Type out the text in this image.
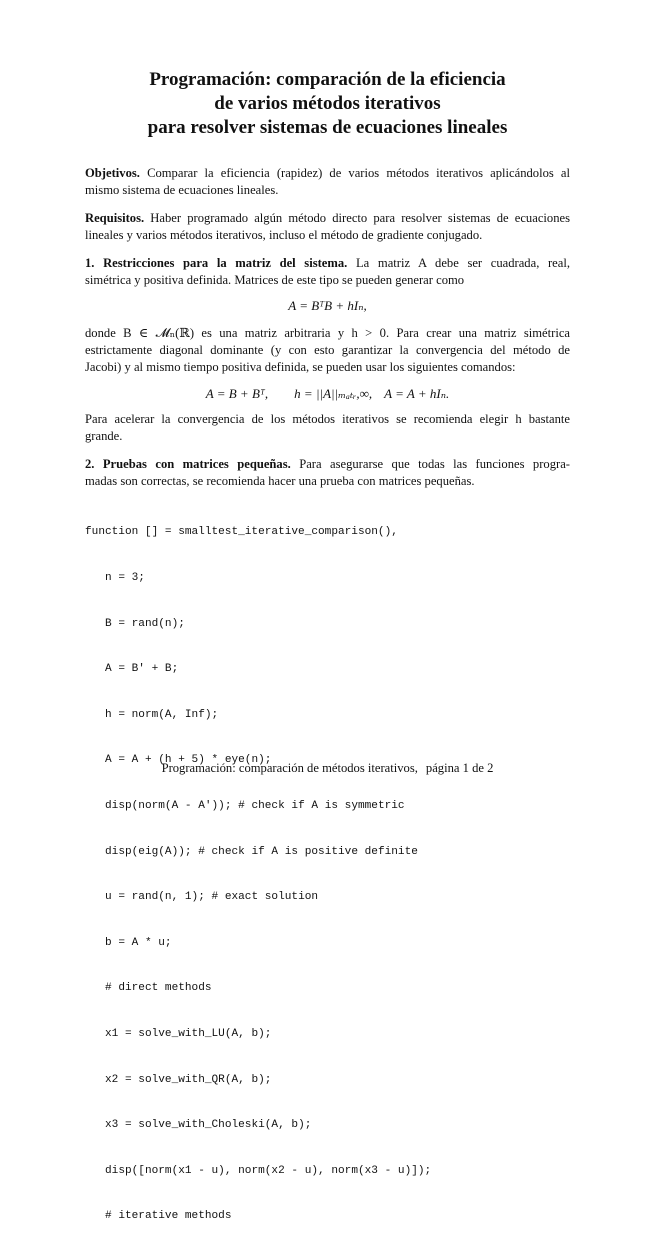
Programación: comparación de la eficiencia
de varios métodos iterativos
para resolver sistemas de ecuaciones lineales
Objetivos. Comparar la eficiencia (rapidez) de varios métodos iterativos aplicándolos al
mismo sistema de ecuaciones lineales.
Requisitos. Haber programado algún método directo para resolver sistemas de ecuaciones
lineales y varios métodos iterativos, incluso el método de gradiente conjugado.
1. Restricciones para la matriz del sistema. La matriz A debe ser cuadrada, real,
simétrica y positiva definida. Matrices de este tipo se pueden generar como
A = BᵀB + hIₙ,
donde B ∈ 𝓜ₙ(ℝ) es una matriz arbitraria y h > 0. Para crear una matriz simétrica
estrictamente diagonal dominante (y con esto garantizar la convergencia del método de
Jacobi) y al mismo tiempo positiva definida, se pueden usar los siguientes comandos:
A = B + Bᵀ, h = ||A||ₘₐₜᵣ,∞, A = A + hIₙ.
Para acelerar la convergencia de los métodos iterativos se recomienda elegir h bastante
grande.
2. Pruebas con matrices pequeñas. Para asegurarse que todas las funciones progra-
madas son correctas, se recomienda hacer una prueba con matrices pequeñas.

function [] = smalltest_iterative_comparison(),

n = 3;

B = rand(n);

A = B' + B;

h = norm(A, Inf);

A = A + (h + 5) * eye(n);

disp(norm(A - A')); # check if A is symmetric

disp(eig(A)); # check if A is positive definite

u = rand(n, 1); # exact solution

b = A * u;

# direct methods

x1 = solve_with_LU(A, b);

x2 = solve_with_QR(A, b);

x3 = solve_with_Choleski(A, b);

disp([norm(x1 - u), norm(x2 - u), norm(x3 - u)]);

# iterative methods

Programación: comparación de métodos iterativos, página 1 de 2
